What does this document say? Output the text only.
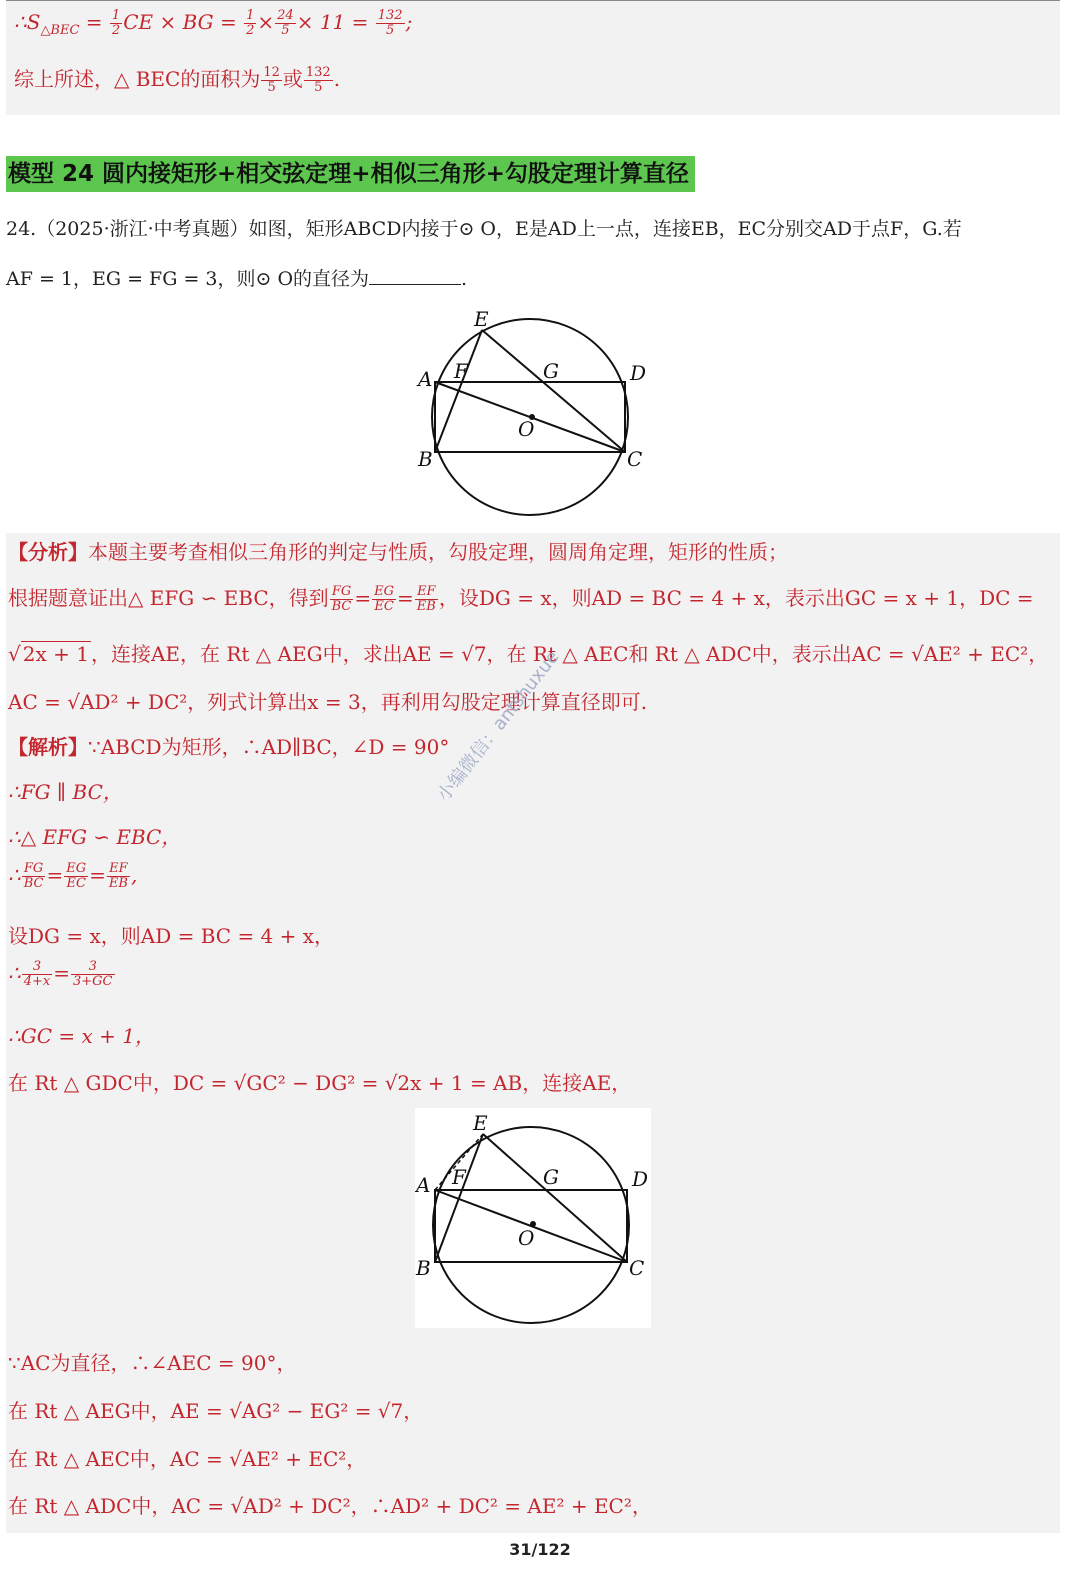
$\therefore S_{\triangle BEC} = \frac{1}{2}$ CE × BG = $\frac{1}{2} \times \frac{24}{5} \times 11 = \frac{132}{5}$ ;
综上所述，△ BEC的面积为 $\frac{12}{5}$ 或 $\frac{132}{5}$ .
模型 24 圆内接矩形+相交弦定理+相似三角形+勾股定理计算直径
24.（2025·浙江·中考真题）如图，矩形ABCD内接于⊙ O，E是AD上一点，连接EB，EC分别交AD于点F，G.若
AF = 1，EG = FG = 3，则⊙ O的直径为	.
E
A F	G	D
O
B	C
【分析】本题主要考查相似三角形的判定与性质，勾股定理，圆周角定理，矩形的性质；
根据题意证出△ EFG ∽ EBC，得到 $\frac{FG}{BC} = \frac{EG}{EC} = \frac{EF}{EB}$ ，设DG = x，则AD = BC = 4 + x，表示出GC = x + 1，DC =
√ 2x + 1 ，连接AE，在 Rt △ AEG中，求出AE = √7，在 Rt △ AEC和 Rt △ ADC中，表示出AC = √AE² + EC²，
AC = √AD² + DC²，列式计算出x = 3，再利用勾股定理计算直径即可.
【解析】∵ABCD为矩形，∴AD∥BC，∠D = 90°
∴FG ∥ BC，
∴△ EFG ∽ EBC，
∴ $\frac{FG}{BC} = \frac{EG}{EC} = \frac{EF}{EB}$ ,
设DG = x，则AD = BC = 4 + x，
∴ $\frac{3}{4+x} = \frac{3}{3+GC}$
∴GC = x + 1，
在 Rt △ GDC中，DC = √GC² − DG² = √2x + 1 = AB，连接AE，
E
A F	G	D
O
B	C
∵AC为直径，∴∠AEC = 90°，
在 Rt △ AEG中，AE = √AG² − EG² = √7，
在 Rt △ AEC中，AC = √AE² + EC²，
在 Rt △ ADC中，AC = √AD² + DC²，∴AD² + DC² = AE² + EC²，
小编微信：antshuxue
31/122
